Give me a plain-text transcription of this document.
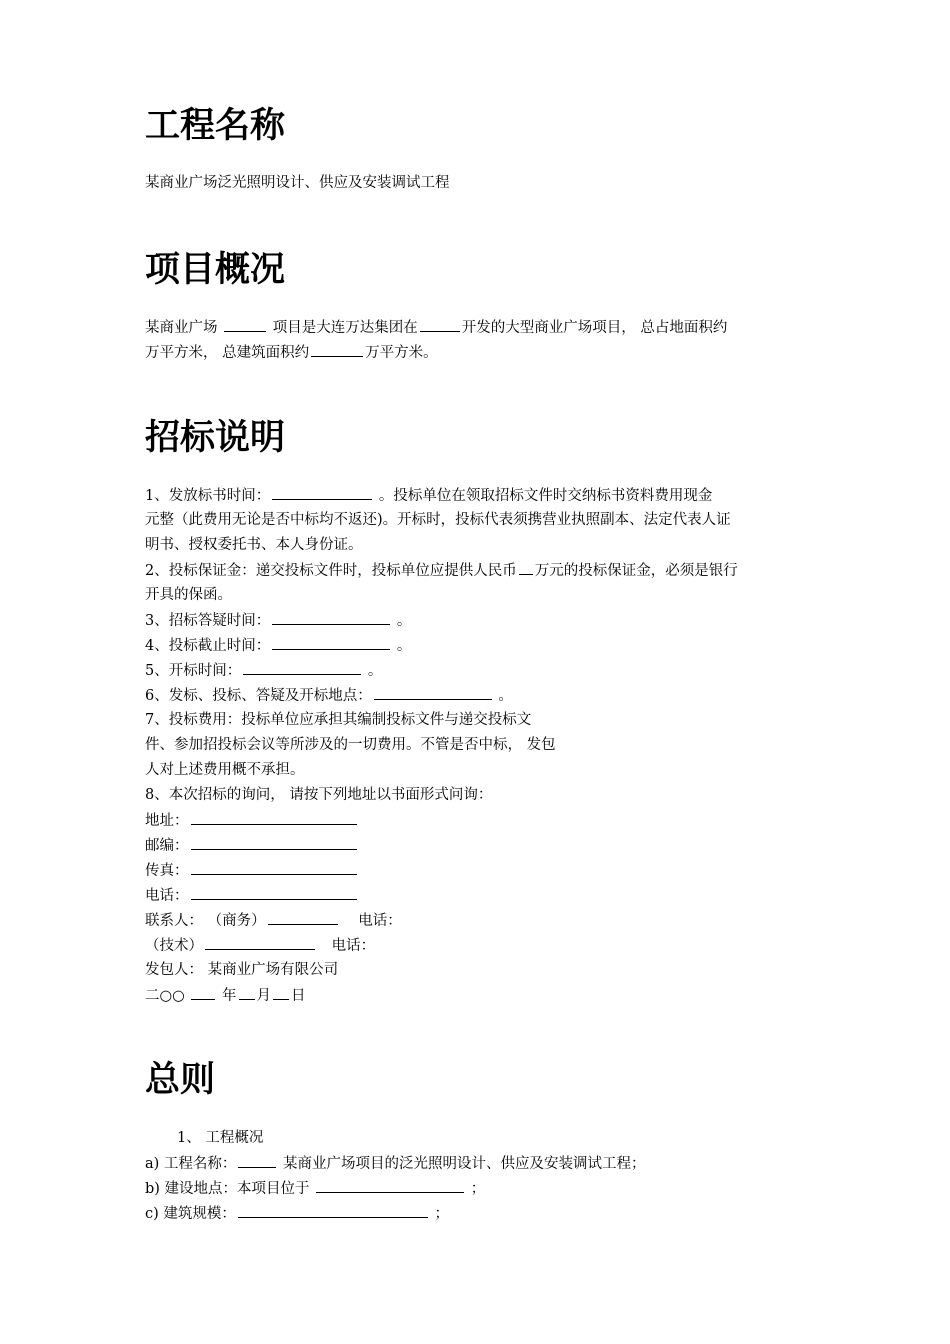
工程名称
某商业广场泛光照明设计、供应及安装调试工程
项目概况
某商业广场	项目是大连万达集团在	开发的大型商业广场项目， 总占地面积约
万平方米， 总建筑面积约	万平方米。
招标说明
1、发放标书时间：	。投标单位在领取招标文件时交纳标书资料费用现金
元整（此费用无论是否中标均不返还)。开标时，投标代表须携营业执照副本、法定代表人证
明书、授权委托书、本人身份证。
2、投标保证金：递交投标文件时，投标单位应提供人民币 万元的投标保证金，必须是银行
开具的保函。
3、招标答疑时间：	。
4、投标截止时间：	。
5、开标时间：	。
6、发标、投标、答疑及开标地点：	。
7、投标费用：投标单位应承担其编制投标文件与递交投标文
件、参加招投标会议等所涉及的一切费用。不管是否中标， 发包
人对上述费用概不承担。
8、本次招标的询问， 请按下列地址以书面形式问询：
地址：
邮编：
传真：
电话：
联系人： （商务）	电话：
（技术）	电话：
发包人： 某商业广场有限公司
二○○	年 月 日
总则
1、 工程概况
a) 工程名称：	某商业广场项目的泛光照明设计、供应及安装调试工程；
b) 建设地点：本项目位于	；
c) 建筑规模：	；
